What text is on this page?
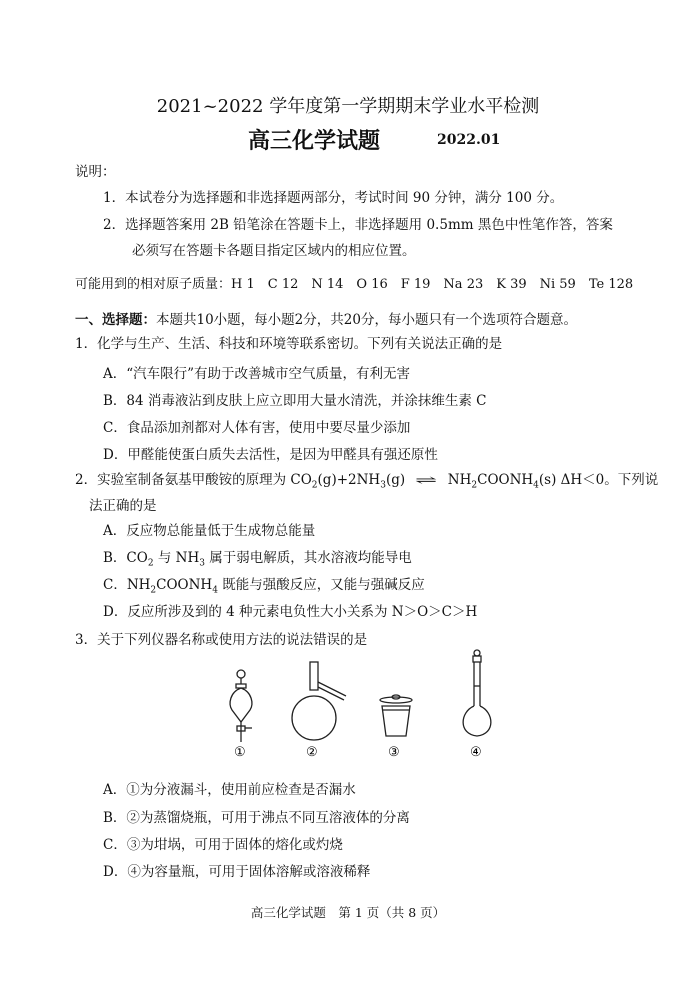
2021~2022 学年度第一学期期末学业水平检测
高三化学试题	2022.01
说明：
1．本试卷分为选择题和非选择题两部分，考试时间 90 分钟，满分 100 分。
2．选择题答案用 2B 铅笔涂在答题卡上，非选择题用 0.5mm 黑色中性笔作答，答案
必须写在答题卡各题目指定区域内的相应位置。
可能用到的相对原子质量：H 1　C 12　N 14　O 16　F 19　Na 23　K 39　Ni 59　Te 128
一、选择题：本题共10小题，每小题2分，共20分，每小题只有一个选项符合题意。
1．化学与生产、生活、科技和环境等联系密切。下列有关说法正确的是
A．“汽车限行”有助于改善城市空气质量，有利无害
B．84 消毒液沾到皮肤上应立即用大量水清洗，并涂抹维生素 C
C．食品添加剂都对人体有害，使用中要尽量少添加
D．甲醛能使蛋白质失去活性，是因为甲醛具有强还原性
2．实验室制备氨基甲酸铵的原理为 $CO_2(g)+2NH_3(g)$ ⇌ $NH_2COONH_4(s)$ ΔH＜0。下列说
法正确的是
A．反应物总能量低于生成物总能量
B．$CO_2$ 与 $NH_3$ 属于弱电解质，其水溶液均能导电
C．$NH_2COONH_4$ 既能与强酸反应，又能与强碱反应
D．反应所涉及到的 4 种元素电负性大小关系为 N＞O＞C＞H
3．关于下列仪器名称或使用方法的说法错误的是
①	②	③	④
A．①为分液漏斗，使用前应检查是否漏水
B．②为蒸馏烧瓶，可用于沸点不同互溶液体的分离
C．③为坩埚，可用于固体的熔化或灼烧
D．④为容量瓶，可用于固体溶解或溶液稀释
高三化学试题　第 1 页（共 8 页）
